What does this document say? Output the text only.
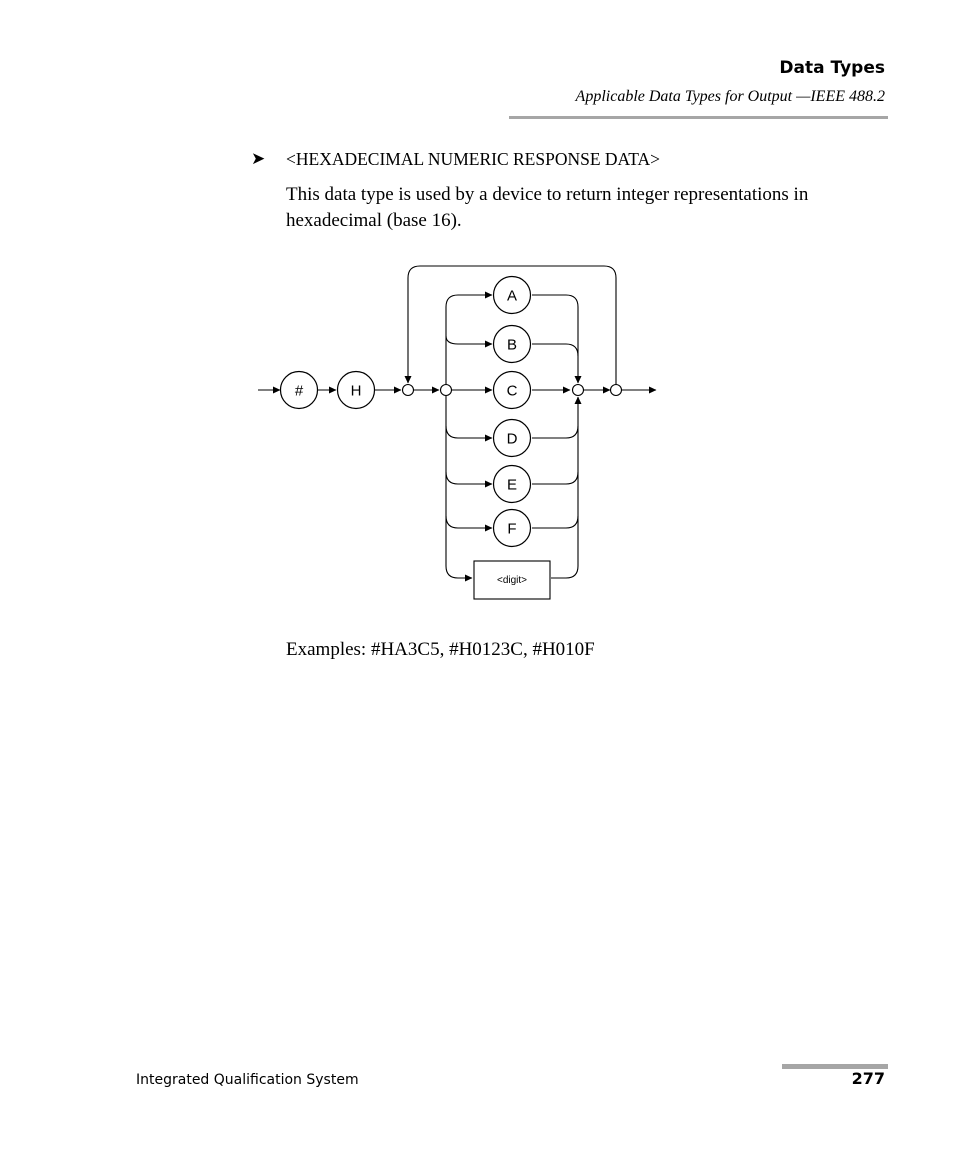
Data Types
Applicable Data Types for Output —IEEE 488.2
➤ <HEXADECIMAL NUMERIC RESPONSE DATA>

This data type is used by a device to return integer representations in hexadecimal (base 16).

#	H
A
B
C
D
E
F
<digit>
Examples: #HA3C5, #H0123C, #H010F
Integrated Qualification System	277
